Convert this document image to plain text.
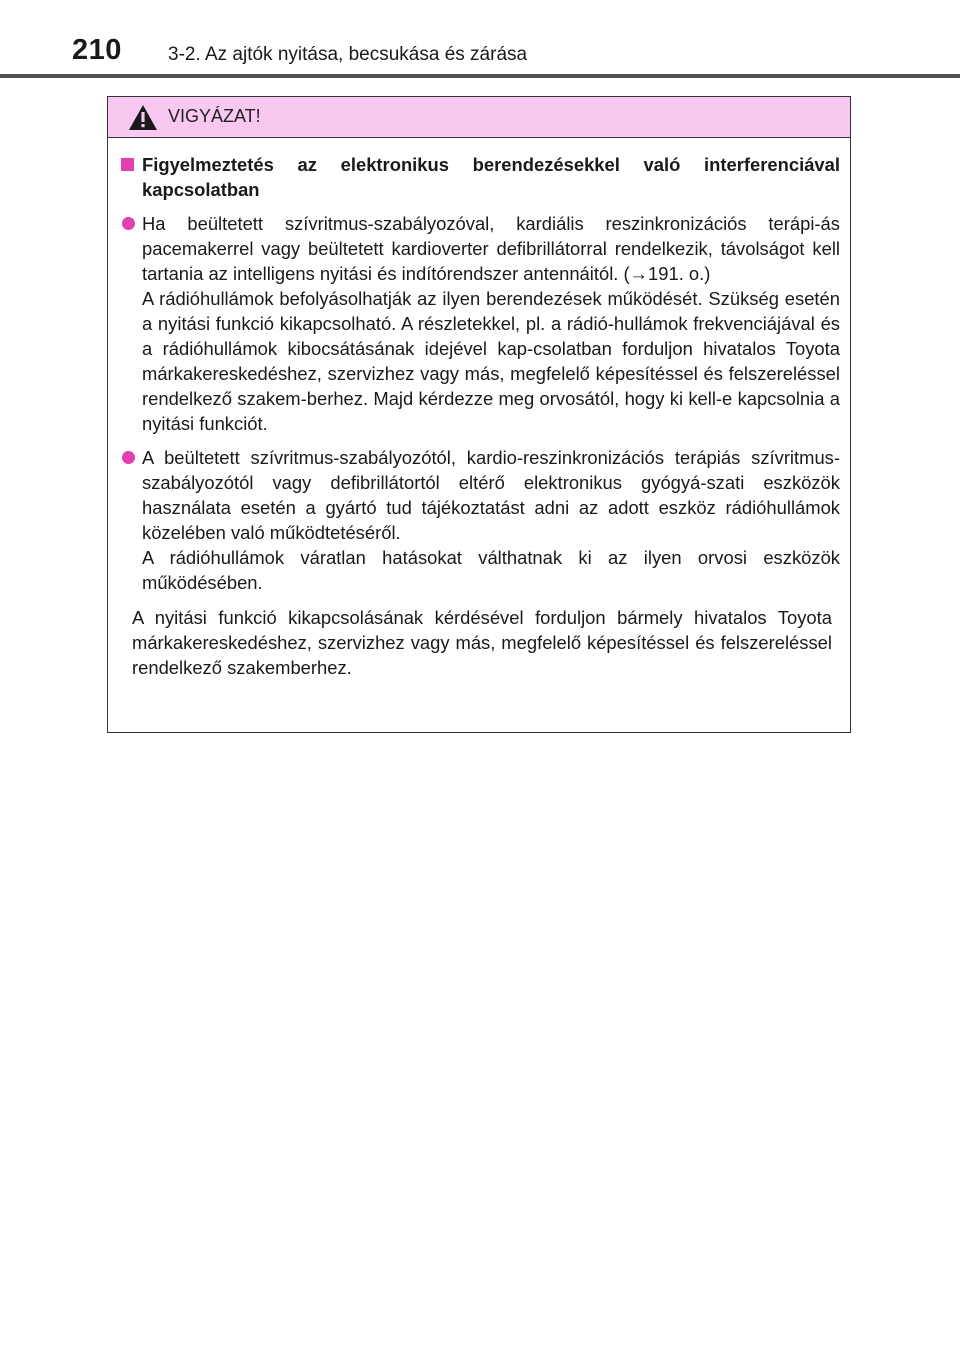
210 3-2. Az ajtók nyitása, becsukása és zárása
VIGYÁZAT!
Figyelmeztetés az elektronikus berendezésekkel való interferenciával kapcsolatban

Ha beültetett szívritmus-szabályozóval, kardiális reszinkronizációs terápi-ás pacemakerrel vagy beültetett kardioverter defibrillátorral rendelkezik, távolságot kell tartania az intelligens nyitási és indítórendszer antennáitól. (→191. o.)

A rádióhullámok befolyásolhatják az ilyen berendezések működését. Szükség esetén a nyitási funkció kikapcsolható. A részletekkel, pl. a rádió-hullámok frekvenciájával és a rádióhullámok kibocsátásának idejével kap-csolatban forduljon hivatalos Toyota márkakereskedéshez, szervizhez vagy más, megfelelő képesítéssel és felszereléssel rendelkező szakem-berhez. Majd kérdezze meg orvosától, hogy ki kell-e kapcsolnia a nyitási funkciót.

A beültetett szívritmus-szabályozótól, kardio-reszinkronizációs terápiás szívritmus-szabályozótól vagy defibrillátortól eltérő elektronikus gyógyá-szati eszközök használata esetén a gyártó tud tájékoztatást adni az adott eszköz rádióhullámok közelében való működtetéséről.

A rádióhullámok váratlan hatásokat válthatnak ki az ilyen orvosi eszközök működésében.

A nyitási funkció kikapcsolásának kérdésével forduljon bármely hivatalos Toyota márkakereskedéshez, szervizhez vagy más, megfelelő képesítéssel és felszereléssel rendelkező szakemberhez.
